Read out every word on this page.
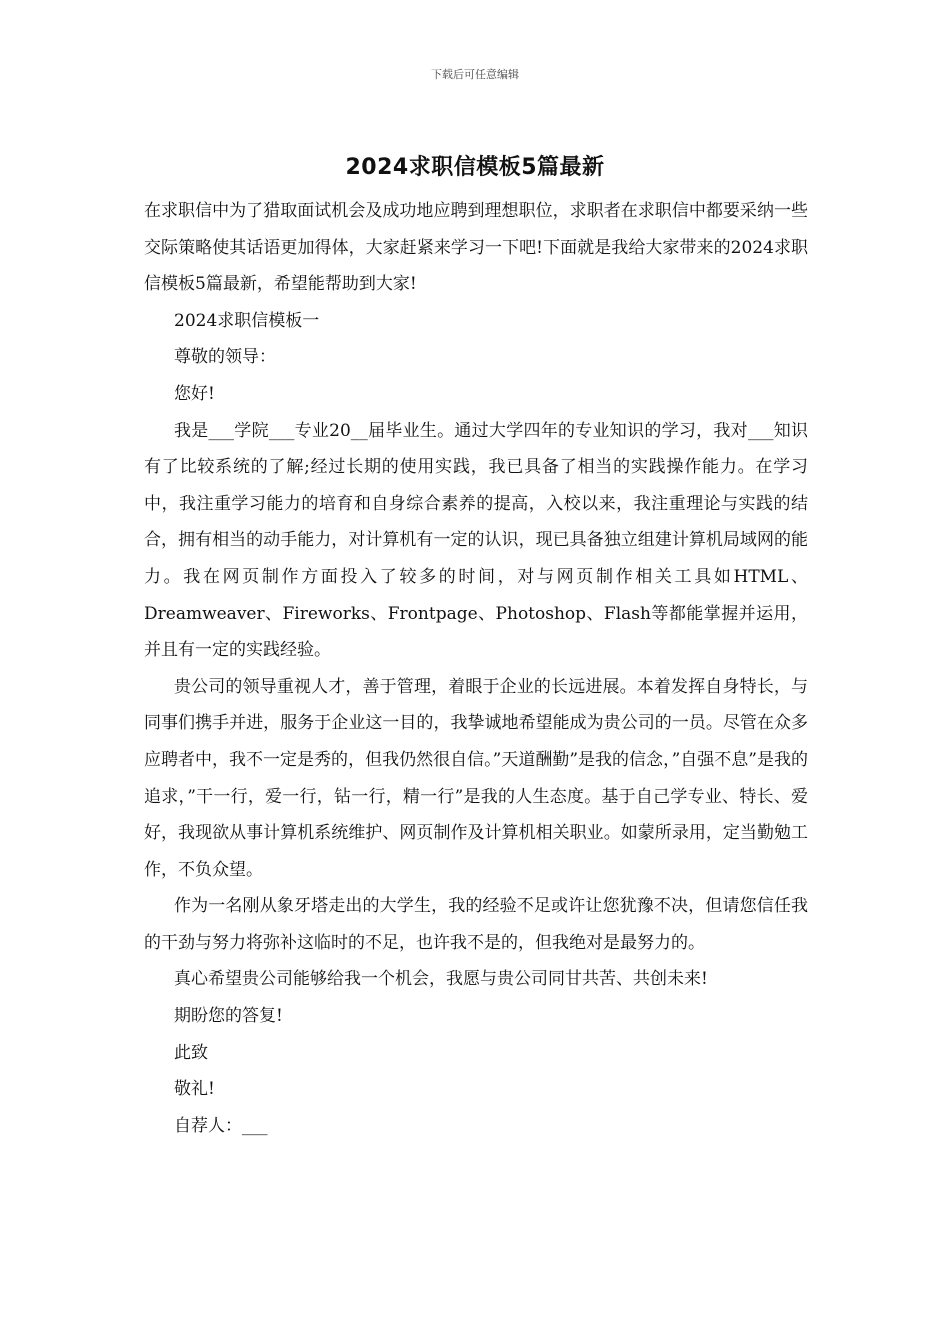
下载后可任意编辑
2024求职信模板5篇最新

在求职信中为了猎取面试机会及成功地应聘到理想职位，求职者在求职信中都要采纳一些交际策略使其话语更加得体，大家赶紧来学习一下吧!下面就是我给大家带来的2024求职信模板5篇最新，希望能帮助到大家!

2024求职信模板一

尊敬的领导：

您好!

我是___学院___专业20__届毕业生。通过大学四年的专业知识的学习，我对___知识有了比较系统的了解;经过长期的使用实践，我已具备了相当的实践操作能力。在学习中，我注重学习能力的培育和自身综合素养的提高，入校以来，我注重理论与实践的结合，拥有相当的动手能力，对计算机有一定的认识，现已具备独立组建计算机局域网的能力。我在网页制作方面投入了较多的时间，对与网页制作相关工具如HTML、Dreamweaver、Fireworks、Frontpage、Photoshop、Flash等都能掌握并运用，并且有一定的实践经验。

贵公司的领导重视人才，善于管理，着眼于企业的长远进展。本着发挥自身特长，与同事们携手并进，服务于企业这一目的，我挚诚地希望能成为贵公司的一员。尽管在众多应聘者中，我不一定是秀的，但我仍然很自信。”天道酬勤”是我的信念，”自强不息”是我的追求，”干一行，爱一行，钻一行，精一行”是我的人生态度。基于自己学专业、特长、爱好，我现欲从事计算机系统维护、网页制作及计算机相关职业。如蒙所录用，定当勤勉工作，不负众望。

作为一名刚从象牙塔走出的大学生，我的经验不足或许让您犹豫不决，但请您信任我的干劲与努力将弥补这临时的不足，也许我不是的，但我绝对是最努力的。

真心希望贵公司能够给我一个机会，我愿与贵公司同甘共苦、共创未来!

期盼您的答复!

此致

敬礼!

自荐人：___
